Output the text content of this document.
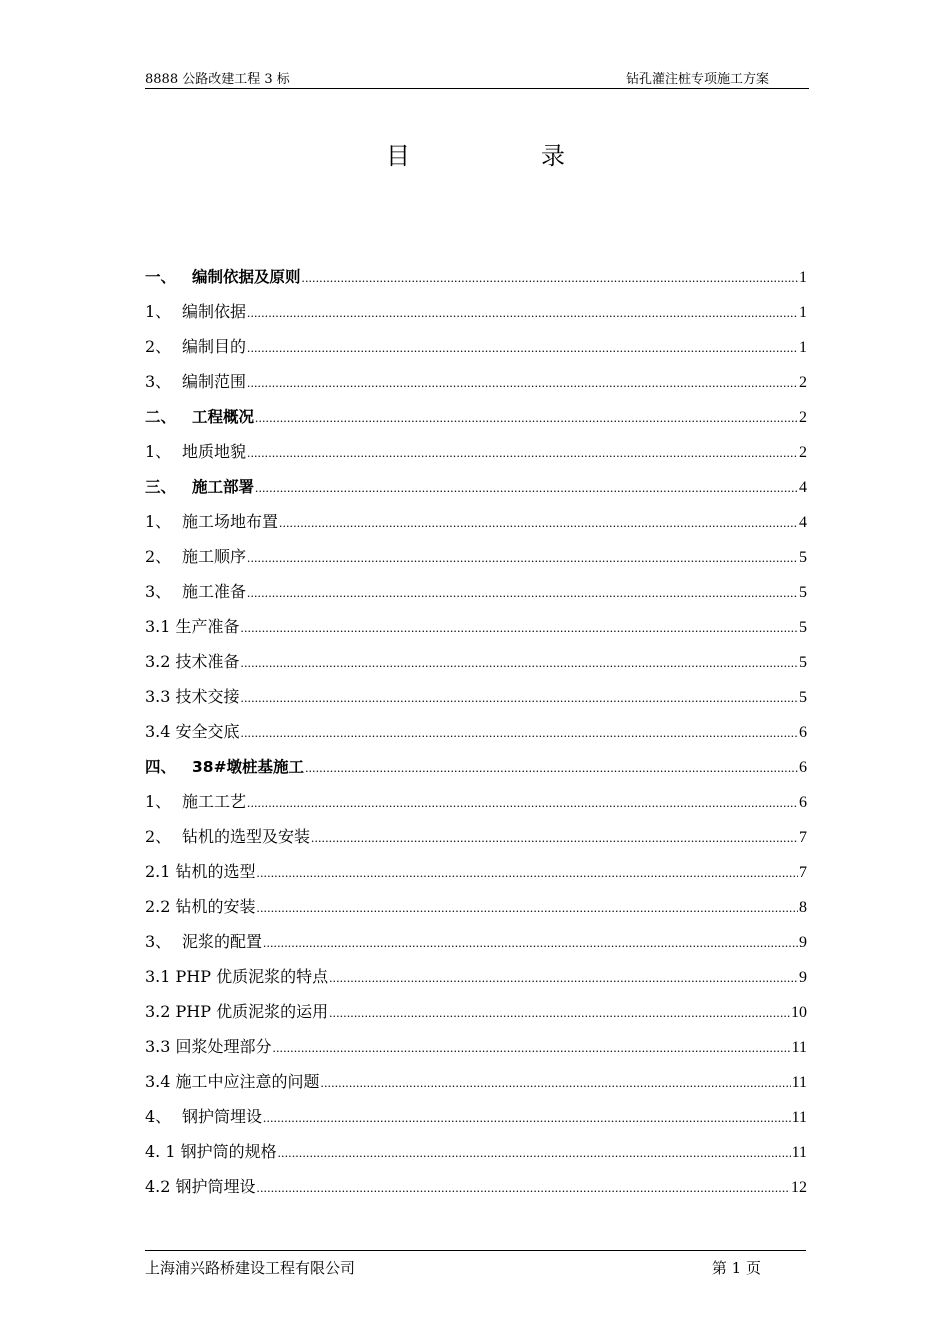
8888 公路改建工程 3 标	钻孔灌注桩专项施工方案
目	录
一、	编制依据及原则 .....	1
1、 编制依据 .....	1
2、 编制目的 .....	1
3、 编制范围 .....	2
二、	工程概况 .....	2
1、 地质地貌 .....	2
三、	施工部署 .....	4
1、 施工场地布置 .....	4
2、 施工顺序 .....	5
3、 施工准备 .....	5
3.1 生产准备 .....	5
3.2 技术准备 .....	5
3.3 技术交接 .....	5
3.4 安全交底 .....	6
四、	38#墩桩基施工 .....	6
1、 施工工艺 .....	6
2、 钻机的选型及安装 .....	7
2.1 钻机的选型 .....	7
2.2 钻机的安装 .....	8
3、 泥浆的配置 .....	9
3.1 PHP 优质泥浆的特点 .....	9
3.2 PHP 优质泥浆的运用 .....	10
3.3 回浆处理部分 .....	11
3.4 施工中应注意的问题 .....	11
4、 钢护筒埋设 .....	11
4. 1 钢护筒的规格 .....	11
4.2 钢护筒埋设 .....	12
上海浦兴路桥建设工程有限公司	第 1 页
